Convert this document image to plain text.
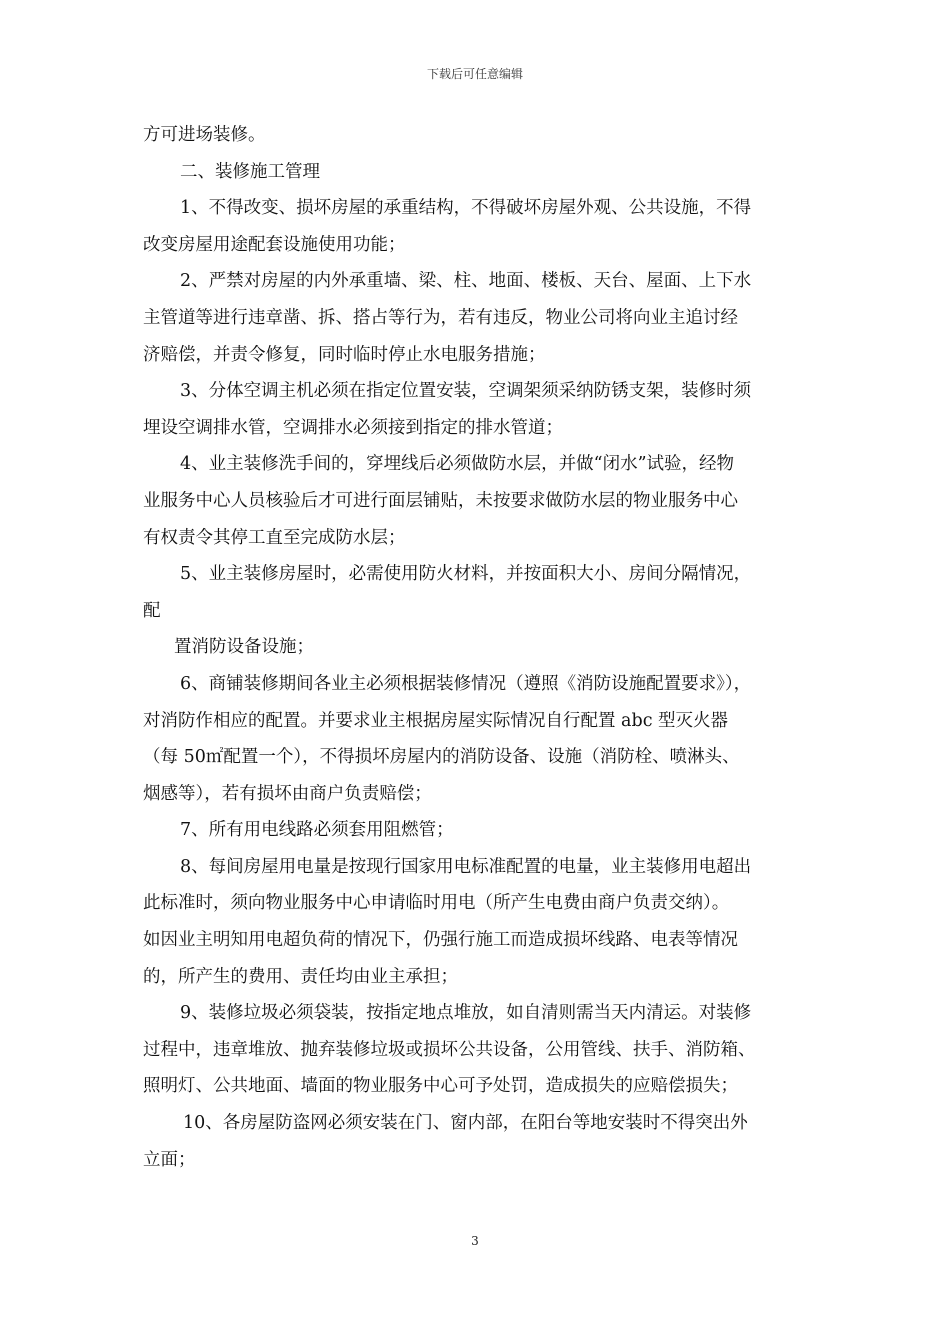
下载后可任意编辑
方可进场装修。
二、装修施工管理
1、不得改变、损坏房屋的承重结构，不得破坏房屋外观、公共设施，不得
改变房屋用途配套设施使用功能；
2、严禁对房屋的内外承重墙、梁、柱、地面、楼板、天台、屋面、上下水
主管道等进行违章凿、拆、搭占等行为，若有违反，物业公司将向业主追讨经
济赔偿，并责令修复，同时临时停止水电服务措施；
3、分体空调主机必须在指定位置安装，空调架须采纳防锈支架，装修时须
埋设空调排水管，空调排水必须接到指定的排水管道；
4、业主装修洗手间的，穿埋线后必须做防水层，并做“闭水”试验，经物
业服务中心人员核验后才可进行面层铺贴，未按要求做防水层的物业服务中心
有权责令其停工直至完成防水层；
5、业主装修房屋时，必需使用防火材料，并按面积大小、房间分隔情况，
配
置消防设备设施；
6、商铺装修期间各业主必须根据装修情况（遵照《消防设施配置要求》），
对消防作相应的配置。并要求业主根据房屋实际情况自行配置 abc 型灭火器
（每 50㎡配置一个），不得损坏房屋内的消防设备、设施（消防栓、喷淋头、
烟感等），若有损坏由商户负责赔偿；
7、所有用电线路必须套用阻燃管；
8、每间房屋用电量是按现行国家用电标准配置的电量，业主装修用电超出
此标准时，须向物业服务中心申请临时用电（所产生电费由商户负责交纳）。
如因业主明知用电超负荷的情况下，仍强行施工而造成损坏线路、电表等情况
的，所产生的费用、责任均由业主承担；
9、装修垃圾必须袋装，按指定地点堆放，如自清则需当天内清运。对装修
过程中，违章堆放、抛弃装修垃圾或损坏公共设备，公用管线、扶手、消防箱、
照明灯、公共地面、墙面的物业服务中心可予处罚，造成损失的应赔偿损失；
10、各房屋防盗网必须安装在门、窗内部，在阳台等地安装时不得突出外
立面；
3
